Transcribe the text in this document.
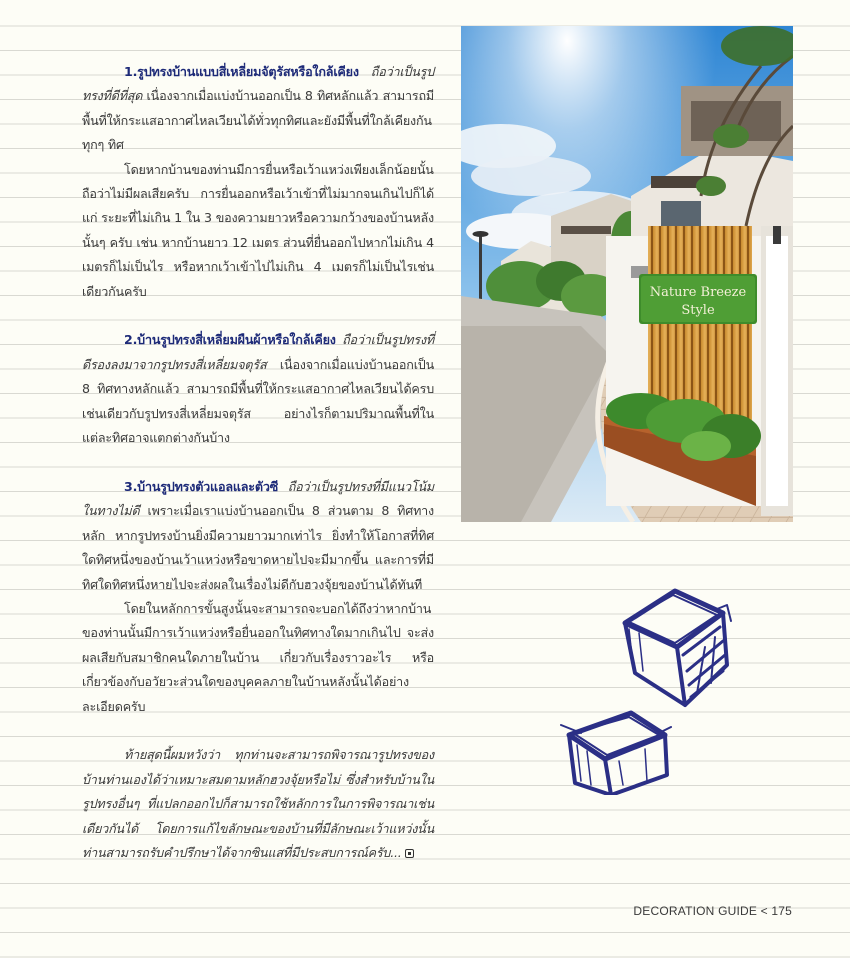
1.รูปทรงบ้านแบบสี่เหลี่ยมจัตุรัสหรือใกล้เคียง ถือว่าเป็นรูปทรงที่ดีที่สุด เนื่องจากเมื่อแบ่งบ้านออกเป็น 8 ทิศหลักแล้ว สามารถมีพื้นที่ให้กระแสอากาศไหลเวียนได้ทั่วทุกทิศและยังมีพื้นที่ใกล้เคียงกันทุกๆ ทิศ

โดยหากบ้านของท่านมีการยื่นหรือเว้าแหว่งเพียงเล็กน้อยนั้น ถือว่าไม่มีผลเสียครับ การยื่นออกหรือเว้าเข้าที่ไม่มากจนเกินไปก็ได้แก่ ระยะที่ไม่เกิน 1 ใน 3 ของความยาวหรือความกว้างของบ้านหลังนั้นๆ ครับ เช่น หากบ้านยาว 12 เมตร ส่วนที่ยื่นออกไปหากไม่เกิน 4 เมตรก็ไม่เป็นไร หรือหากเว้าเข้าไปไม่เกิน 4 เมตรก็ไม่เป็นไรเช่นเดียวกันครับ

2.บ้านรูปทรงสี่เหลี่ยมผืนผ้าหรือใกล้เคียง ถือว่าเป็นรูปทรงที่ดีรองลงมาจากรูปทรงสี่เหลี่ยมจตุรัส เนื่องจากเมื่อแบ่งบ้านออกเป็น 8 ทิศทางหลักแล้ว สามารถมีพื้นที่ให้กระแสอากาศไหลเวียนได้ครบเช่นเดียวกับรูปทรงสี่เหลี่ยมจตุรัส อย่างไรก็ตามปริมาณพื้นที่ในแต่ละทิศอาจแตกต่างกันบ้าง

3.บ้านรูปทรงตัวแอลและตัวซี ถือว่าเป็นรูปทรงที่มีแนวโน้มในทางไม่ดี เพราะเมื่อเราแบ่งบ้านออกเป็น 8 ส่วนตาม 8 ทิศทางหลัก หากรูปทรงบ้านยิ่งมีความยาวมากเท่าไร ยิ่งทำให้โอกาสที่ทิศใดทิศหนึ่งของบ้านเว้าแหว่งหรือขาดหายไปจะมีมากขึ้น และการที่มีทิศใดทิศหนึ่งหายไปจะส่งผลในเรื่องไม่ดีกับฮวงจุ้ยของบ้านได้ทันที

โดยในหลักการขั้นสูงนั้นจะสามารถจะบอกได้ถึงว่าหากบ้านของท่านนั้นมีการเว้าแหว่งหรือยื่นออกในทิศทางใดมากเกินไป จะส่งผลเสียกับสมาชิกคนใดภายในบ้าน เกี่ยวกับเรื่องราวอะไร หรือเกี่ยวข้องกับอวัยวะส่วนใดของบุคคลภายในบ้านหลังนั้นได้อย่างละเอียดครับ

ท้ายสุดนี้ผมหวังว่า ทุกท่านจะสามารถพิจารณารูปทรงของบ้านท่านเองได้ว่าเหมาะสมตามหลักฮวงจุ้ยหรือไม่ ซึ่งสำหรับบ้านในรูปทรงอื่นๆ ที่แปลกออกไปก็สามารถใช้หลักการในการพิจารณาเช่นเดียวกันได้ โดยการแก้ไขลักษณะของบ้านที่มีลักษณะเว้าแหว่งนั้นท่านสามารถรับคำปรึกษาได้จากซินแสที่มีประสบการณ์ครับ...

Nature Breeze
Style
DECORATION GUIDE < 175
